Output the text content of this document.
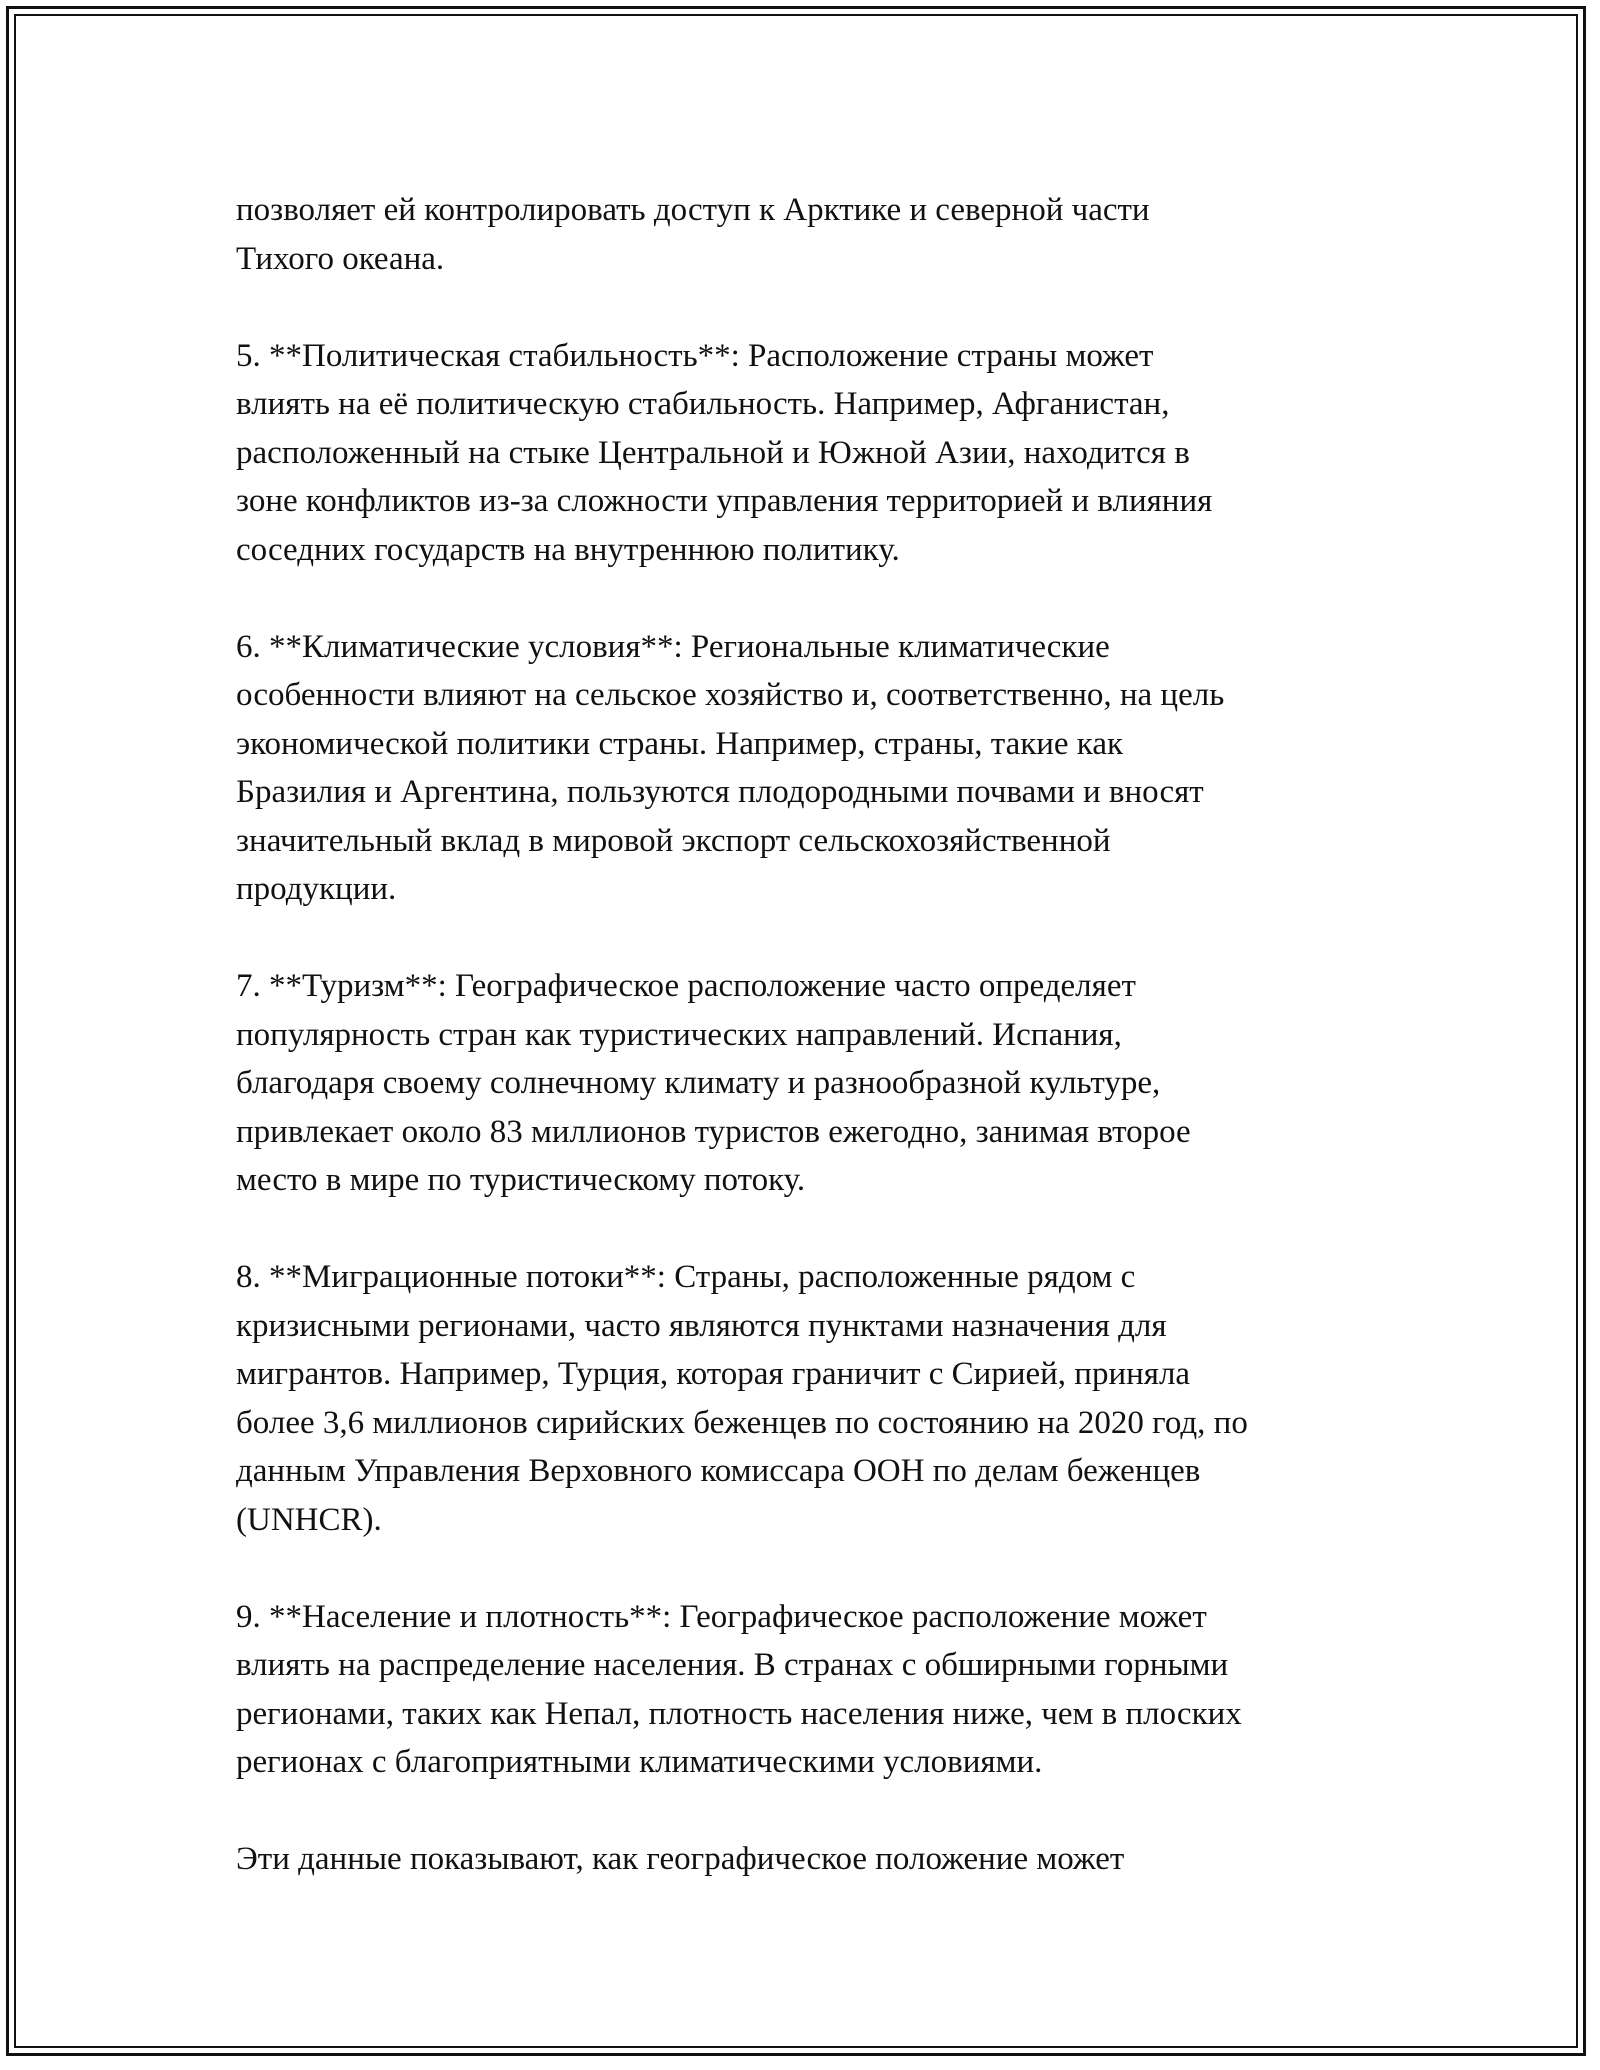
позволяет ей контролировать доступ к Арктике и северной части
Тихого океана.

5. **Политическая стабильность**: Расположение страны может
влиять на её политическую стабильность. Например, Афганистан,
расположенный на стыке Центральной и Южной Азии, находится в
зоне конфликтов из-за сложности управления территорией и влияния
соседних государств на внутреннюю политику.

6. **Климатические условия**: Региональные климатические
особенности влияют на сельское хозяйство и, соответственно, на цель
экономической политики страны. Например, страны, такие как
Бразилия и Аргентина, пользуются плодородными почвами и вносят
значительный вклад в мировой экспорт сельскохозяйственной
продукции.

7. **Туризм**: Географическое расположение часто определяет
популярность стран как туристических направлений. Испания,
благодаря своему солнечному климату и разнообразной культуре,
привлекает около 83 миллионов туристов ежегодно, занимая второе
место в мире по туристическому потоку.

8. **Миграционные потоки**: Страны, расположенные рядом с
кризисными регионами, часто являются пунктами назначения для
мигрантов. Например, Турция, которая граничит с Сирией, приняла
более 3,6 миллионов сирийских беженцев по состоянию на 2020 год, по
данным Управления Верховного комиссара ООН по делам беженцев
(UNHCR).

9. **Население и плотность**: Географическое расположение может
влиять на распределение населения. В странах с обширными горными
регионами, таких как Непал, плотность населения ниже, чем в плоских
регионах с благоприятными климатическими условиями.

Эти данные показывают, как географическое положение может
